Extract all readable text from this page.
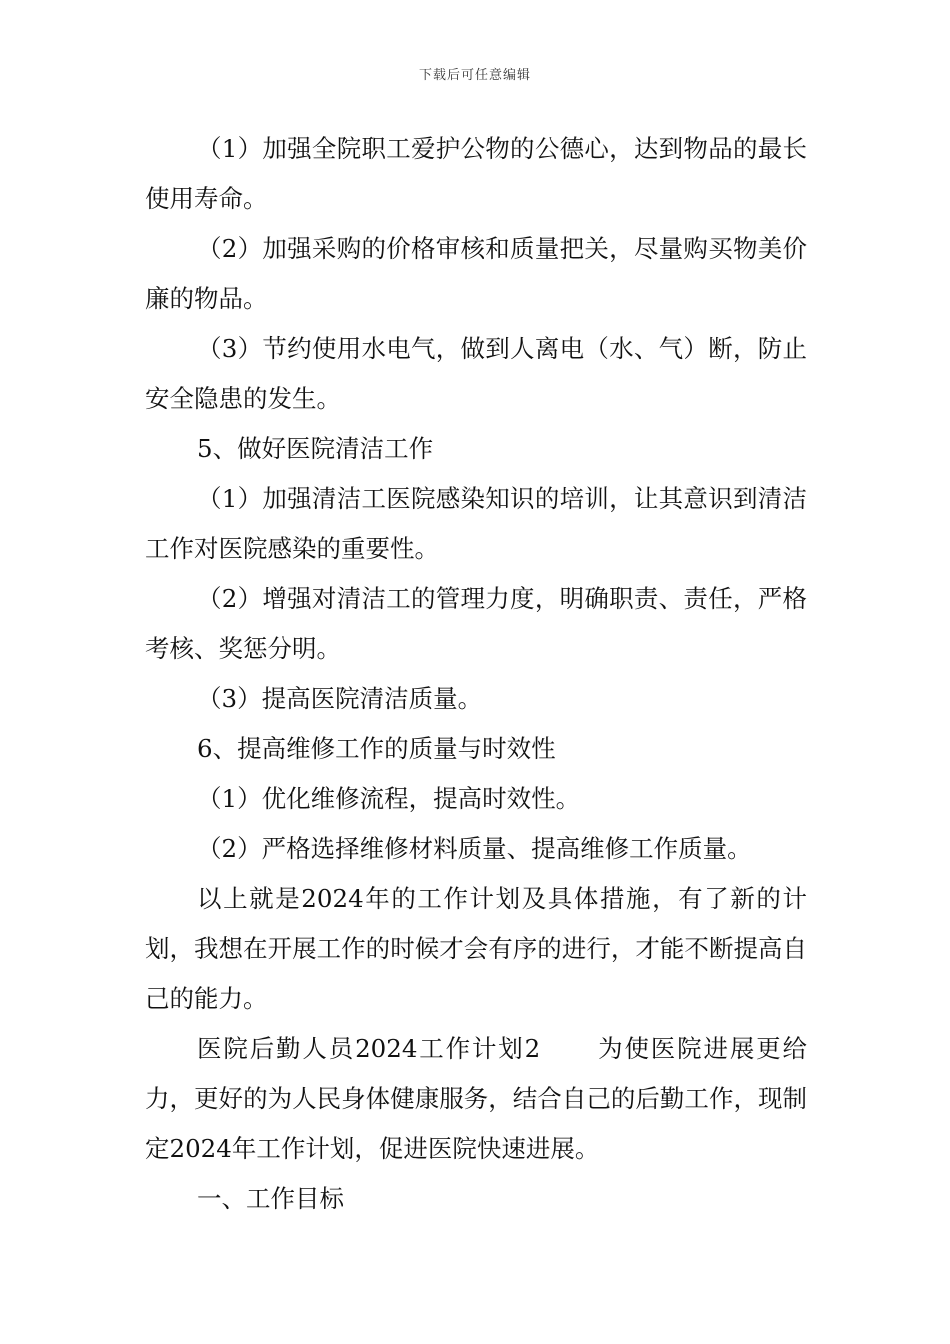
下载后可任意编辑

（1）加强全院职工爱护公物的公德心，达到物品的最长使用寿命。

（2）加强采购的价格审核和质量把关，尽量购买物美价廉的物品。

（3）节约使用水电气，做到人离电（水、气）断，防止安全隐患的发生。

5、做好医院清洁工作

（1）加强清洁工医院感染知识的培训，让其意识到清洁工作对医院感染的重要性。

（2）增强对清洁工的管理力度，明确职责、责任，严格考核、奖惩分明。

（3）提高医院清洁质量。

6、提高维修工作的质量与时效性

（1）优化维修流程，提高时效性。

（2）严格选择维修材料质量、提高维修工作质量。

以上就是2024年的工作计划及具体措施，有了新的计划，我想在开展工作的时候才会有序的进行，才能不断提高自己的能力。

医院后勤人员2024工作计划2 为使医院进展更给力，更好的为人民身体健康服务，结合自己的后勤工作，现制定2024年工作计划，促进医院快速进展。

一、工作目标
